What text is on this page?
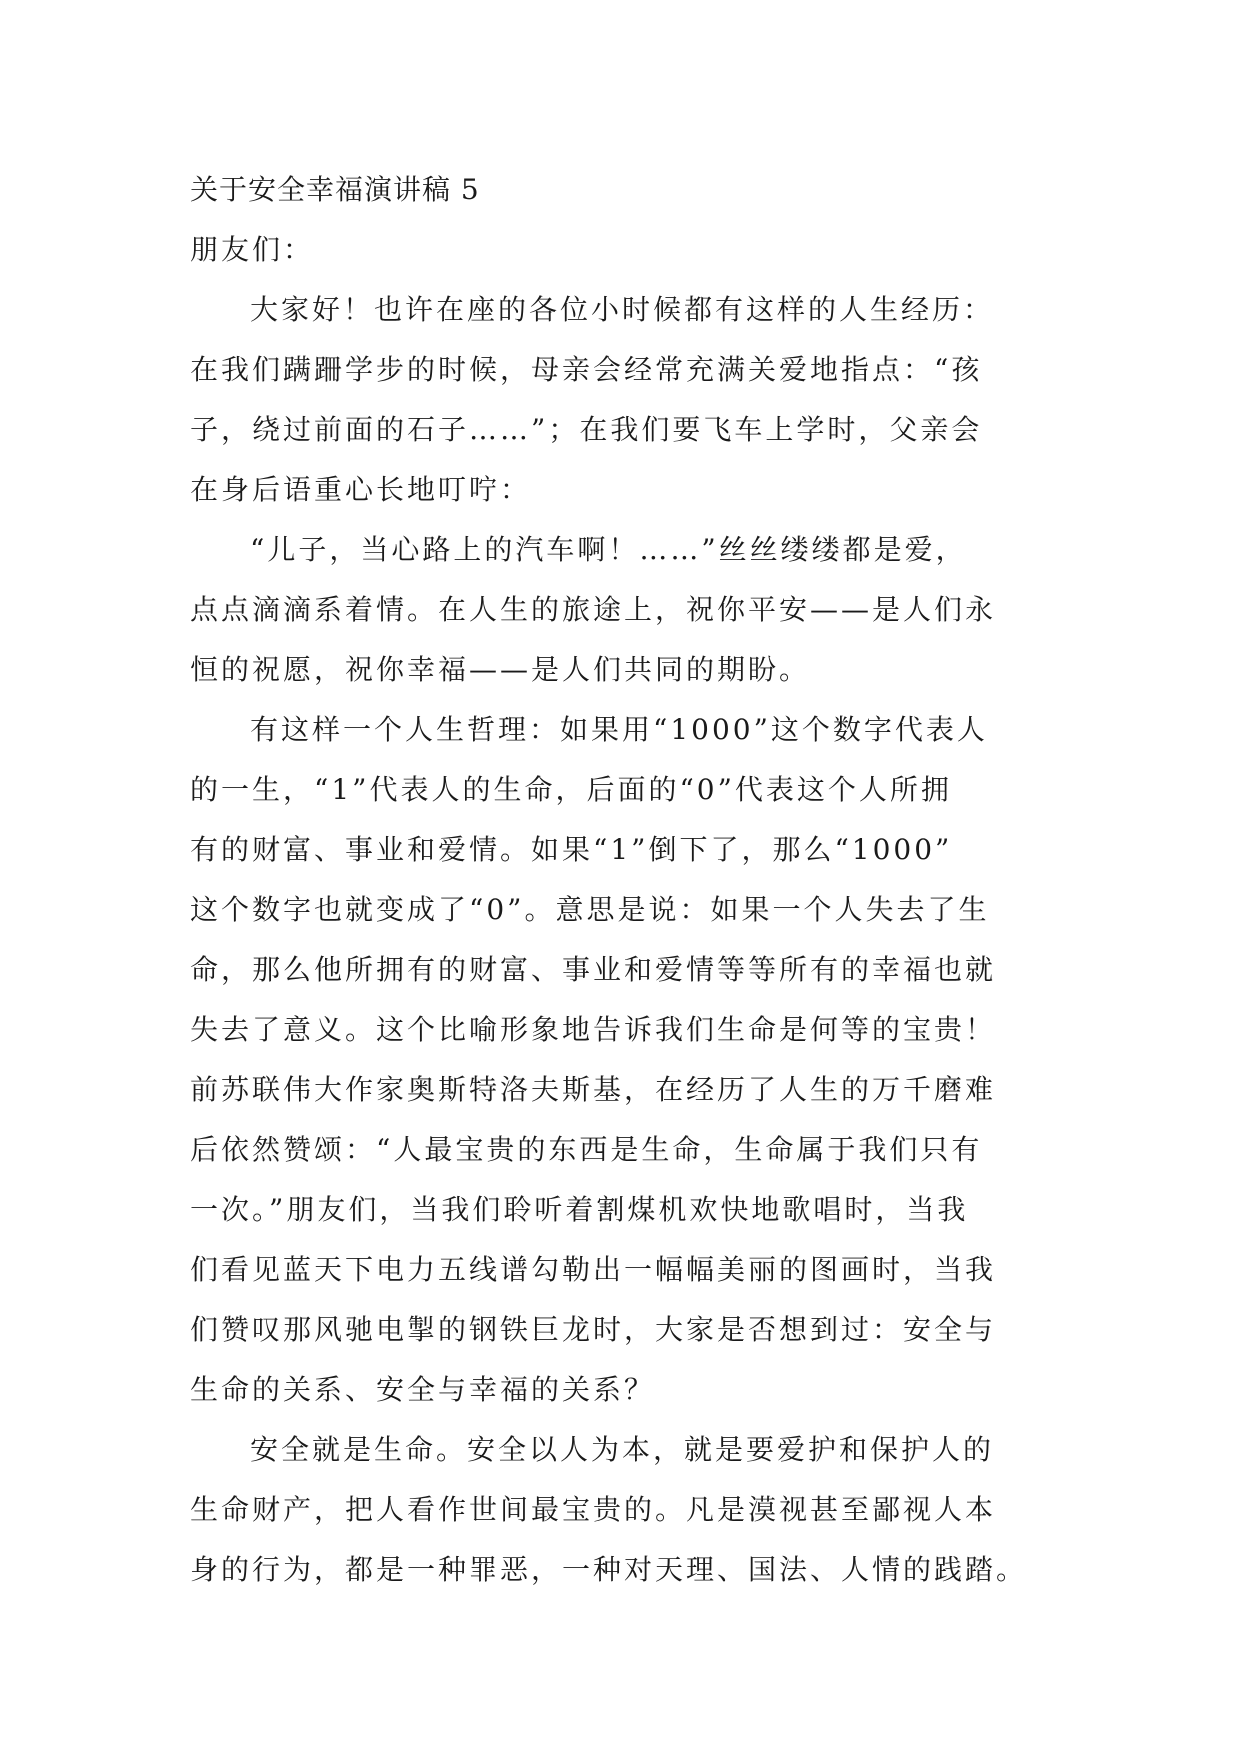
关于安全幸福演讲稿 5
朋友们：
大家好！也许在座的各位小时候都有这样的人生经历：
在我们蹒跚学步的时候，母亲会经常充满关爱地指点：“孩
子，绕过前面的石子……”；在我们要飞车上学时，父亲会
在身后语重心长地叮咛：
“儿子，当心路上的汽车啊！……”丝丝缕缕都是爱，
点点滴滴系着情。在人生的旅途上，祝你平安——是人们永
恒的祝愿，祝你幸福——是人们共同的期盼。
有这样一个人生哲理：如果用“1000”这个数字代表人
的一生，“1”代表人的生命，后面的“0”代表这个人所拥
有的财富、事业和爱情。如果“1”倒下了，那么“1000”
这个数字也就变成了“0”。意思是说：如果一个人失去了生
命，那么他所拥有的财富、事业和爱情等等所有的幸福也就
失去了意义。这个比喻形象地告诉我们生命是何等的宝贵！
前苏联伟大作家奥斯特洛夫斯基，在经历了人生的万千磨难
后依然赞颂：“人最宝贵的东西是生命，生命属于我们只有
一次。”朋友们，当我们聆听着割煤机欢快地歌唱时，当我
们看见蓝天下电力五线谱勾勒出一幅幅美丽的图画时，当我
们赞叹那风驰电掣的钢铁巨龙时，大家是否想到过：安全与
生命的关系、安全与幸福的关系？
安全就是生命。安全以人为本，就是要爱护和保护人的
生命财产，把人看作世间最宝贵的。凡是漠视甚至鄙视人本
身的行为，都是一种罪恶，一种对天理、国法、人情的践踏。
